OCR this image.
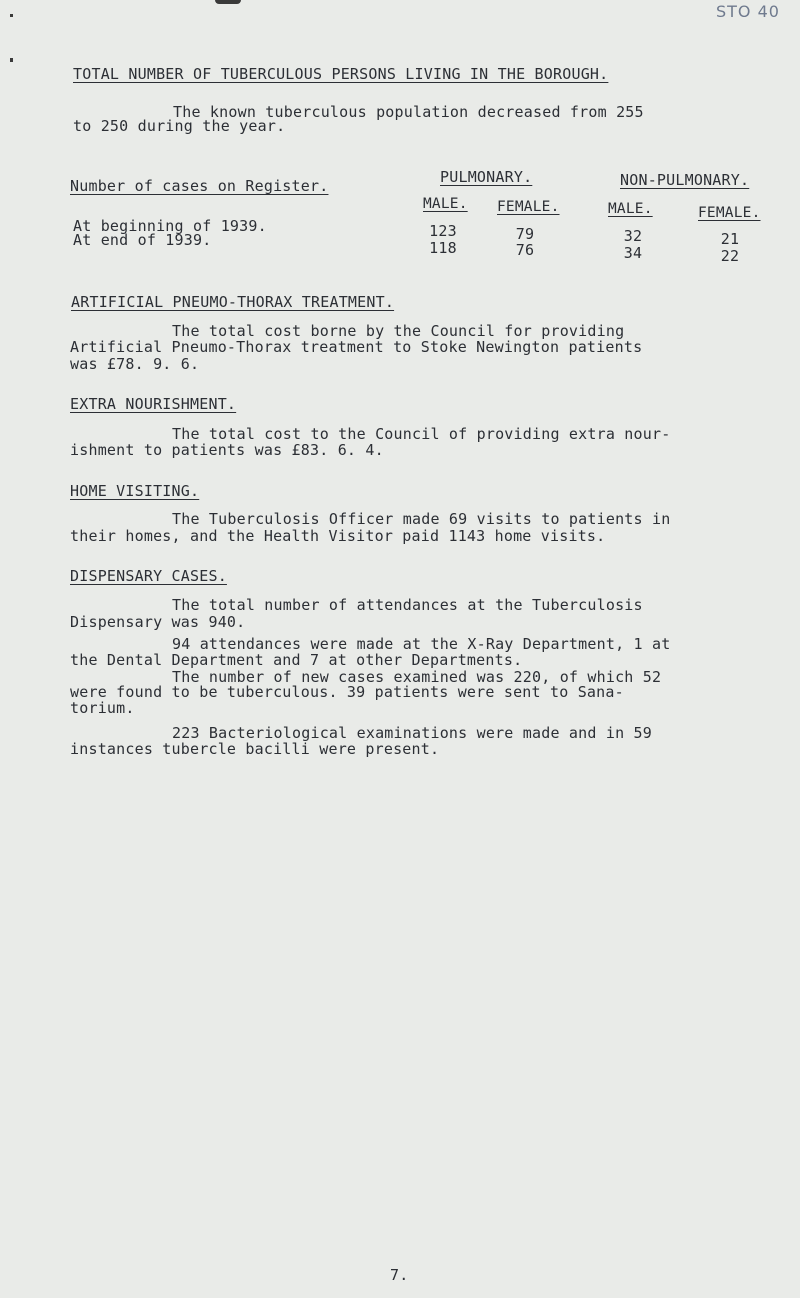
STO 40
TOTAL NUMBER OF TUBERCULOUS PERSONS LIVING IN THE BOROUGH.
The known tuberculous population decreased from 255
to 250 during the year.
Number of cases on Register.	PULMONARY.	NON-PULMONARY.
MALE. FEMALE.	MALE.	FEMALE.
At beginning of 1939.	123	79	32	21
At end of 1939.	118	76	34	22
ARTIFICIAL PNEUMO-THORAX TREATMENT.
The total cost borne by the Council for providing
Artificial Pneumo-Thorax treatment to Stoke Newington patients
was £78. 9. 6.
EXTRA NOURISHMENT.
The total cost to the Council of providing extra nour-
ishment to patients was £83. 6. 4.
HOME VISITING.
The Tuberculosis Officer made 69 visits to patients in
their homes, and the Health Visitor paid 1143 home visits.
DISPENSARY CASES.
The total number of attendances at the Tuberculosis
Dispensary was 940.
94 attendances were made at the X-Ray Department, 1 at
the Dental Department and 7 at other Departments.
The number of new cases examined was 220, of which 52
were found to be tuberculous. 39 patients were sent to Sana-
torium.
223 Bacteriological examinations were made and in 59
instances tubercle bacilli were present.
7.
